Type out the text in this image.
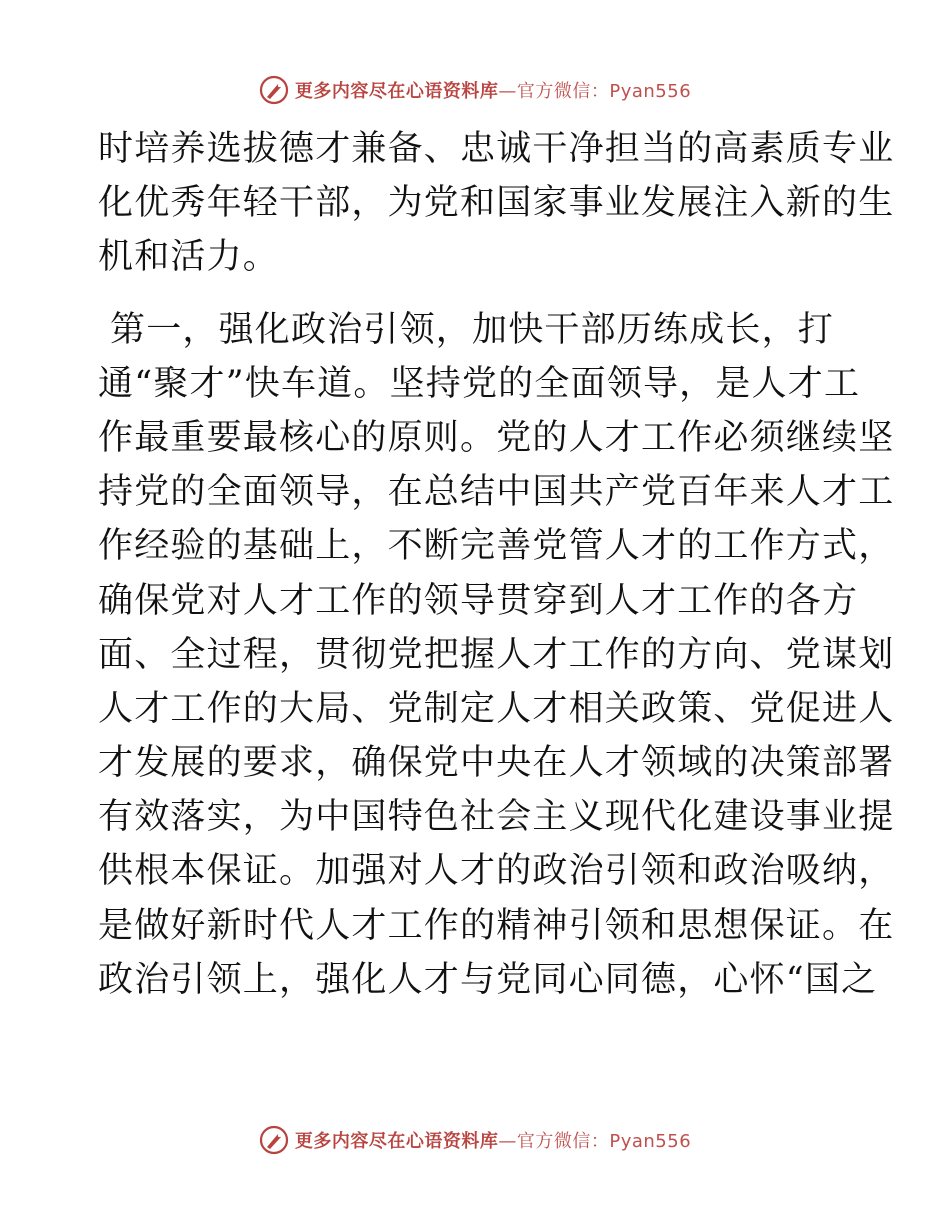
更多内容尽在心语资料库—官方微信：Pyan556
时培养选拔德才兼备、忠诚干净担当的高素质专业
化优秀年轻干部，为党和国家事业发展注入新的生
机和活力。
第一，强化政治引领，加快干部历练成长，打
通“聚才”快车道。坚持党的全面领导，是人才工
作最重要最核心的原则。党的人才工作必须继续坚
持党的全面领导，在总结中国共产党百年来人才工
作经验的基础上，不断完善党管人才的工作方式，
确保党对人才工作的领导贯穿到人才工作的各方
面、全过程，贯彻党把握人才工作的方向、党谋划
人才工作的大局、党制定人才相关政策、党促进人
才发展的要求，确保党中央在人才领域的决策部署
有效落实，为中国特色社会主义现代化建设事业提
供根本保证。加强对人才的政治引领和政治吸纳，
是做好新时代人才工作的精神引领和思想保证。在
政治引领上，强化人才与党同心同德，心怀“国之
更多内容尽在心语资料库—官方微信：Pyan556
